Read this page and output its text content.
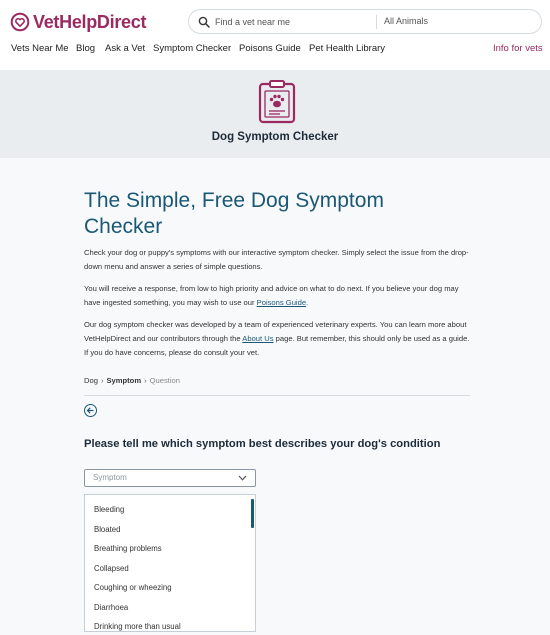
VetHelpDirect
Find a vet near me	All Animals
Vets Near Me Blog Ask a Vet Symptom Checker Poisons Guide Pet Health Library	Info for vets
Dog Symptom Checker
The Simple, Free Dog Symptom Checker

Check your dog or puppy's symptoms with our interactive symptom checker. Simply select the issue from the drop-down menu and answer a series of simple questions.

You will receive a response, from low to high priority and advice on what to do next. If you believe your dog may have ingested something, you may wish to use our Poisons Guide.

Our dog symptom checker was developed by a team of experienced veterinary experts. You can learn more about VetHelpDirect and our contributors through the About Us page. But remember, this should only be used as a guide. If you do have concerns, please do consult your vet.

Dog › Symptom › Question
Please tell me which symptom best describes your dog's condition
Symptom
Bleeding
Bloated
Breathing problems
Collapsed
Coughing or wheezing
Diarrhoea
Drinking more than usual
